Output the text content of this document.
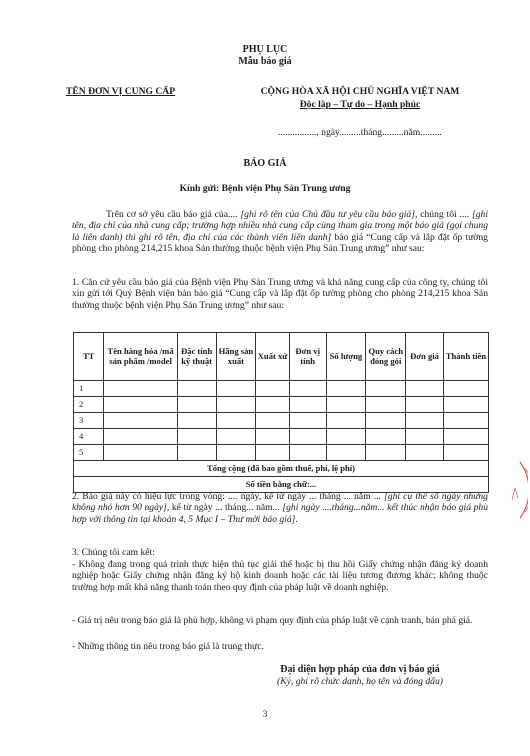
PHỤ LỤC
Mẫu báo giá
TÊN ĐƠN VỊ CUNG CẤP	CỘNG HÒA XÃ HỘI CHỦ NGHĨA VIỆT NAM
Độc lập – Tự do – Hạnh phúc
................, ngày.........tháng.........năm.........
BÁO GIÁ
Kính gửi: Bệnh viện Phụ Sản Trung ương

Trên cơ sở yêu cầu báo giá của.... [ghi rõ tên của Chủ đầu tư yêu cầu báo giá], chúng tôi .... [ghi tên, địa chỉ của nhà cung cấp; trường hợp nhiều nhà cung cấp cùng tham gia trong một báo giá (gọi chung là liên danh) thì ghi rõ tên, địa chỉ của các thành viên liên danh] báo giá “Cung cấp và lắp đặt ốp tường phòng cho phòng 214,215 khoa Sản thường thuộc bệnh viện Phụ Sản Trung ương” như sau:

1. Căn cứ yêu cầu báo giá của Bệnh viện Phụ Sản Trung ương và khả năng cung cấp của công ty, chúng tôi xin gửi tới Quý Bệnh viện bản báo giá “Cung cấp và lắp đặt ốp tường phòng cho phòng 214,215 khoa Sản thường thuộc bệnh viện Phụ Sản Trung ương” như sau:

TT	Tên hàng hóa /mã sản phẩm /model	Đặc tính kỹ thuật	Hãng sản xuất	Xuất xứ	Đơn vị tính	Số lượng	Quy cách đóng gói	Đơn giá	Thành tiền
1									
2									
3									
4									
5									
Tổng cộng (đã bao gồm thuế, phí, lệ phí)									
Số tiền bằng chữ:...									

2. Báo giá này có hiệu lực trong vòng: .... ngày, kể từ ngày ... tháng ... năm ... [ghi cụ thể số ngày nhưng không nhỏ hơn 90 ngày], kể từ ngày ... tháng... năm... [ghi ngày ....tháng...năm... kết thúc nhận báo giá phù hợp với thông tin tại khoản 4, 5 Mục I – Thư mời báo giá].

3. Chúng tôi cam kết:

- Không đang trong quá trình thực hiện thủ tục giải thể hoặc bị thu hồi Giấy chứng nhận đăng ký doanh nghiệp hoặc Giấy chứng nhận đăng ký hộ kinh doanh hoặc các tài liệu tương đương khác; không thuộc trường hợp mất khả năng thanh toán theo quy định của pháp luật về doanh nghiệp.

- Giá trị nêu trong báo giá là phù hợp, không vi phạm quy định của pháp luật về cạnh tranh, bán phá giá.

- Những thông tin nêu trong báo giá là trung thực.

Đại diện hợp pháp của đơn vị báo giá
(Ký, ghi rõ chức danh, họ tên và đóng dấu)
3
